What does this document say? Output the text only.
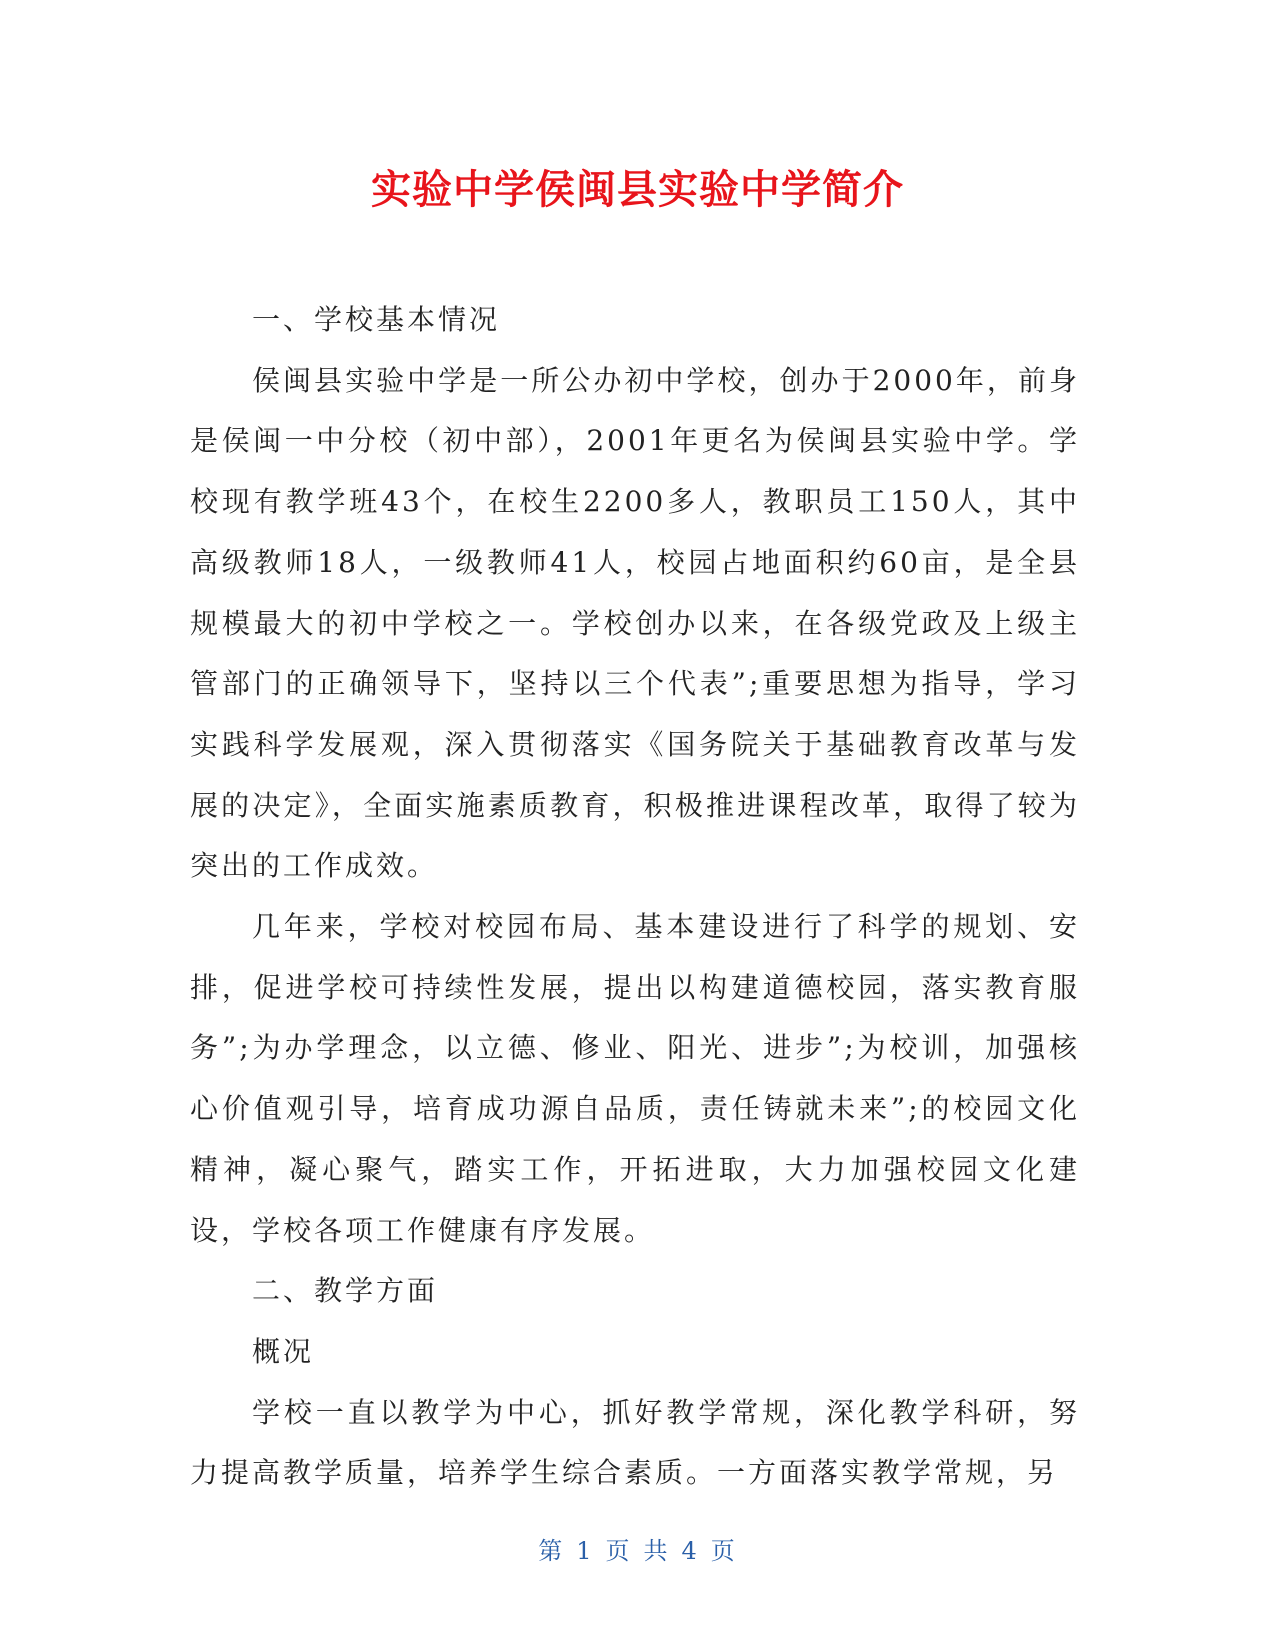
实验中学侯闽县实验中学简介

一、学校基本情况

侯闽县实验中学是一所公办初中学校，创办于2000年，前身是侯闽一中分校（初中部），2001年更名为侯闽县实验中学。学校现有教学班43个，在校生2200多人，教职员工150人，其中高级教师18人，一级教师41人，校园占地面积约60亩，是全县规模最大的初中学校之一。学校创办以来，在各级党政及上级主管部门的正确领导下，坚持以三个代表”;重要思想为指导，学习实践科学发展观，深入贯彻落实《国务院关于基础教育改革与发展的决定》，全面实施素质教育，积极推进课程改革，取得了较为突出的工作成效。

几年来，学校对校园布局、基本建设进行了科学的规划、安排，促进学校可持续性发展，提出以构建道德校园，落实教育服务”;为办学理念，以立德、修业、阳光、进步”;为校训，加强核心价值观引导，培育成功源自品质，责任铸就未来”;的校园文化精神，凝心聚气，踏实工作，开拓进取，大力加强校园文化建设，学校各项工作健康有序发展。

二、教学方面

概况

学校一直以教学为中心，抓好教学常规，深化教学科研，努力提高教学质量，培养学生综合素质。一方面落实教学常规，另

第 1 页 共 4 页
